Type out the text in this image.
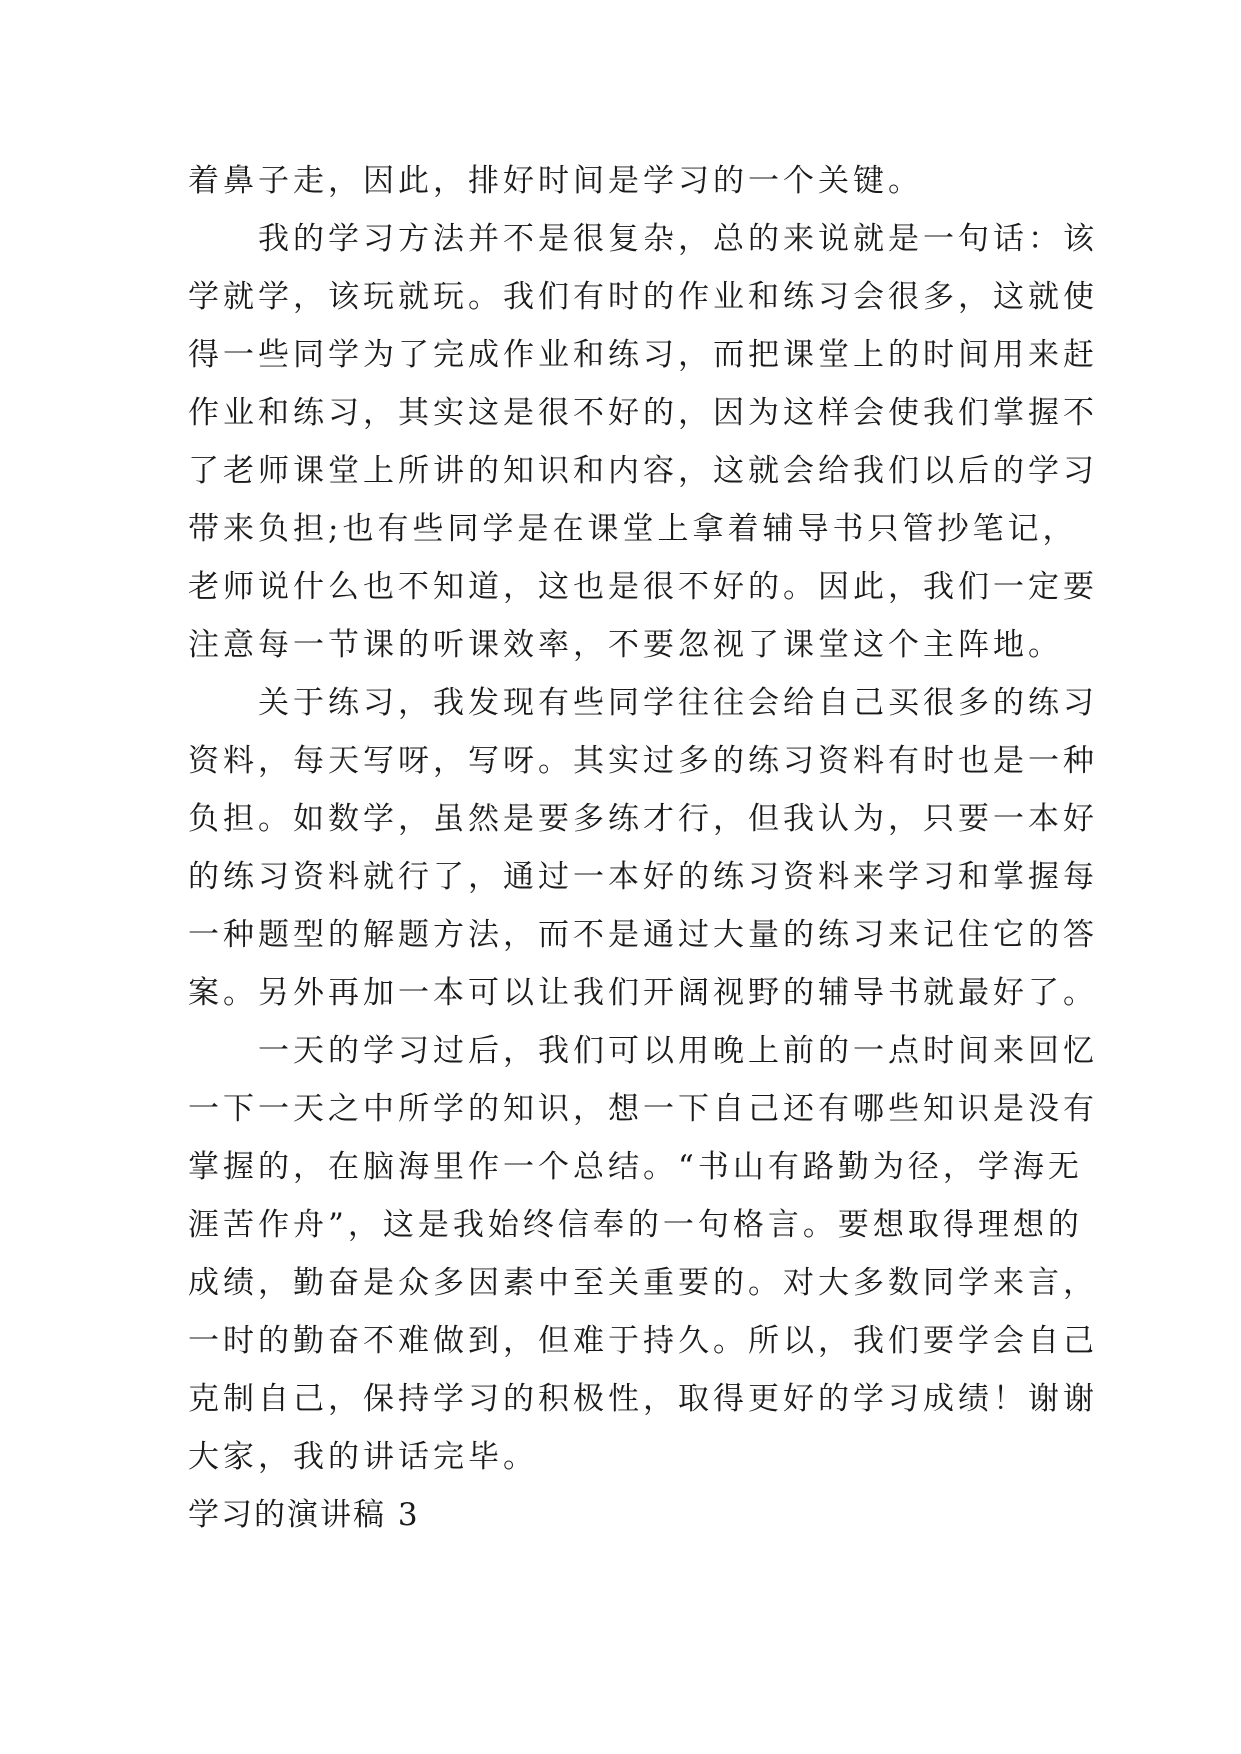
着鼻子走，因此，排好时间是学习的一个关键。
　　我的学习方法并不是很复杂，总的来说就是一句话：该
学就学，该玩就玩。我们有时的作业和练习会很多，这就使
得一些同学为了完成作业和练习，而把课堂上的时间用来赶
作业和练习，其实这是很不好的，因为这样会使我们掌握不
了老师课堂上所讲的知识和内容，这就会给我们以后的学习
带来负担;也有些同学是在课堂上拿着辅导书只管抄笔记，
老师说什么也不知道，这也是很不好的。因此，我们一定要
注意每一节课的听课效率，不要忽视了课堂这个主阵地。
　　关于练习，我发现有些同学往往会给自己买很多的练习
资料，每天写呀，写呀。其实过多的练习资料有时也是一种
负担。如数学，虽然是要多练才行，但我认为，只要一本好
的练习资料就行了，通过一本好的练习资料来学习和掌握每
一种题型的解题方法，而不是通过大量的练习来记住它的答
案。另外再加一本可以让我们开阔视野的辅导书就最好了。
　　一天的学习过后，我们可以用晚上前的一点时间来回忆
一下一天之中所学的知识，想一下自己还有哪些知识是没有
掌握的，在脑海里作一个总结。“书山有路勤为径，学海无
涯苦作舟”，这是我始终信奉的一句格言。要想取得理想的
成绩，勤奋是众多因素中至关重要的。对大多数同学来言，
一时的勤奋不难做到，但难于持久。所以，我们要学会自己
克制自己，保持学习的积极性，取得更好的学习成绩！谢谢
大家，我的讲话完毕。
学习的演讲稿 3
